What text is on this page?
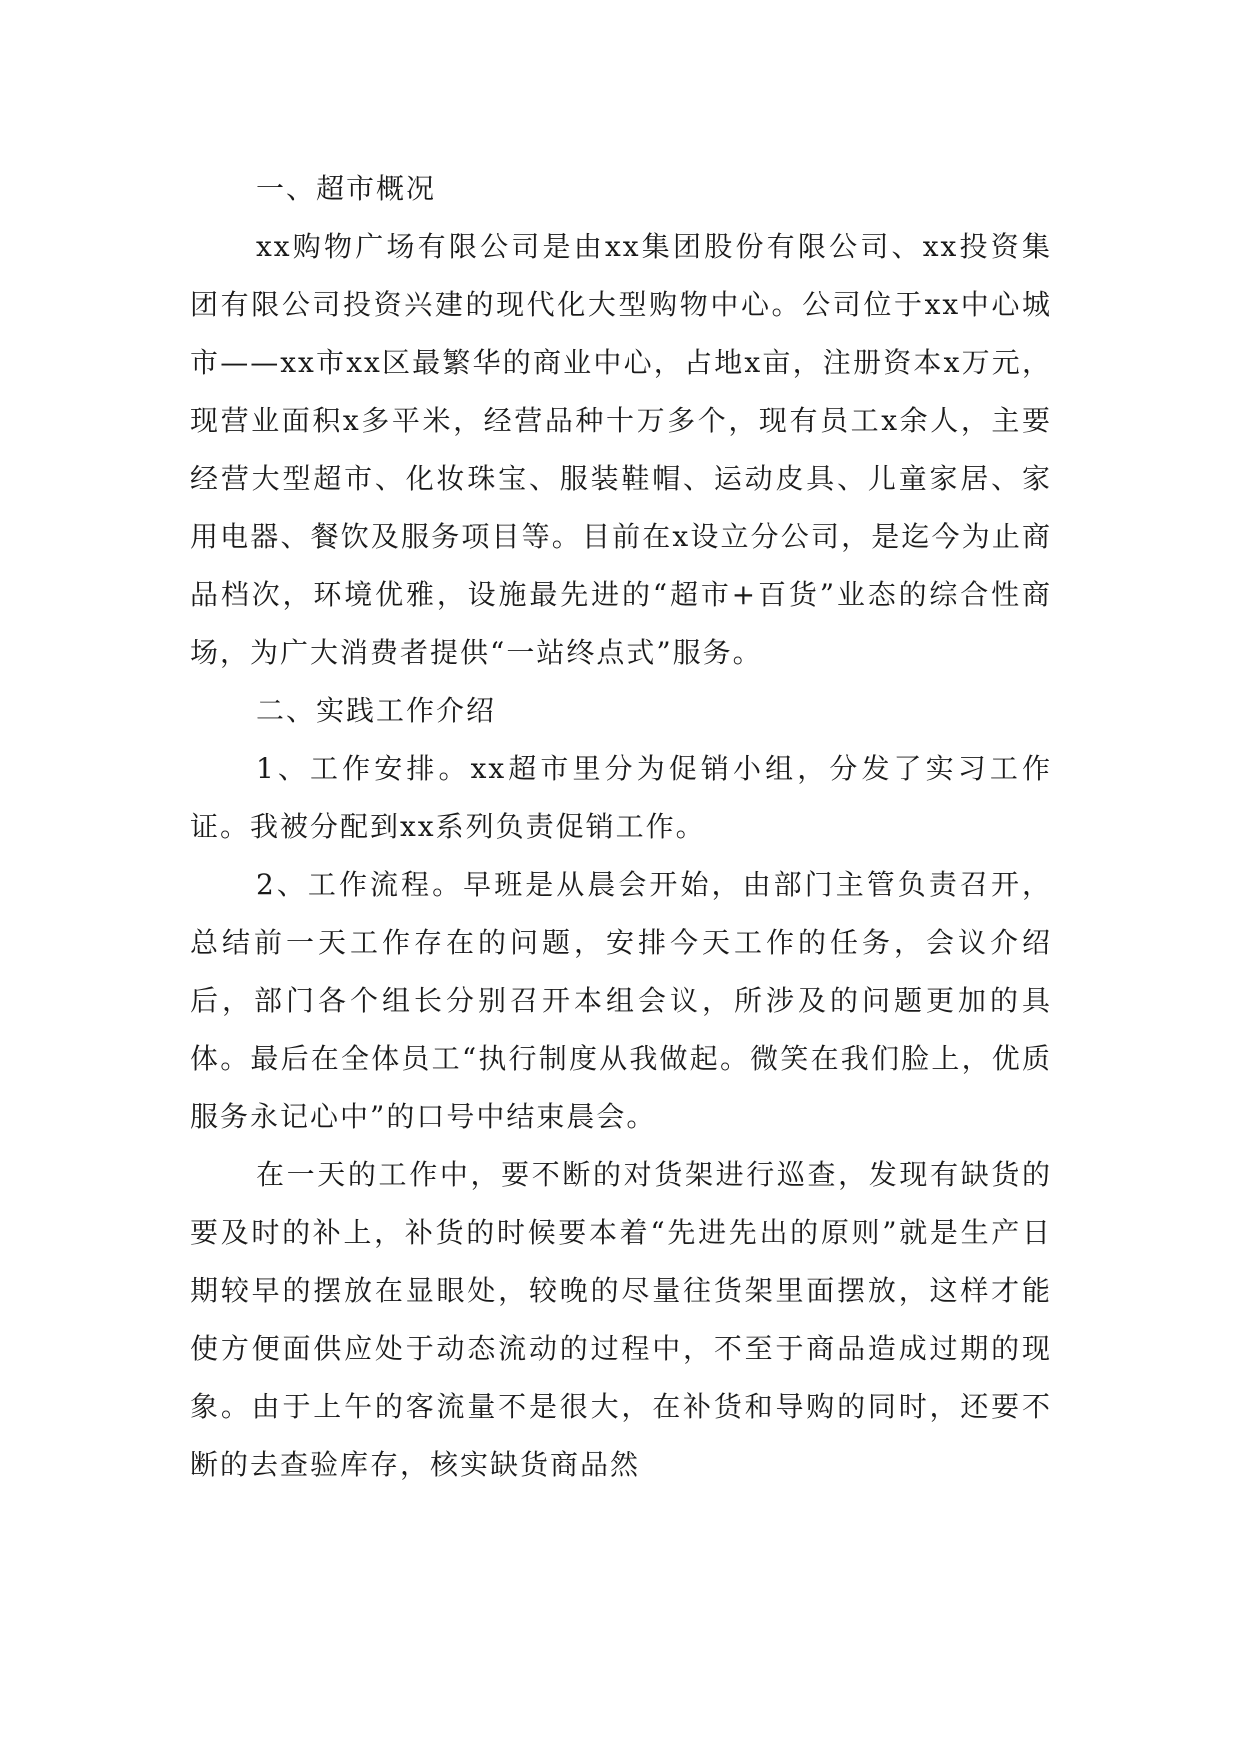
一、超市概况

xx购物广场有限公司是由xx集团股份有限公司、xx投资集团有限公司投资兴建的现代化大型购物中心。公司位于xx中心城市——xx市xx区最繁华的商业中心，占地x亩，注册资本x万元，现营业面积x多平米，经营品种十万多个，现有员工x余人，主要经营大型超市、化妆珠宝、服装鞋帽、运动皮具、儿童家居、家用电器、餐饮及服务项目等。目前在x设立分公司，是迄今为止商品档次，环境优雅，设施最先进的“超市+百货”业态的综合性商场，为广大消费者提供“一站终点式”服务。

二、实践工作介绍

1、工作安排。xx超市里分为促销小组，分发了实习工作证。我被分配到xx系列负责促销工作。

2、工作流程。早班是从晨会开始，由部门主管负责召开，总结前一天工作存在的问题，安排今天工作的任务，会议介绍后，部门各个组长分别召开本组会议，所涉及的问题更加的具体。最后在全体员工“执行制度从我做起。微笑在我们脸上，优质服务永记心中”的口号中结束晨会。

在一天的工作中，要不断的对货架进行巡查，发现有缺货的要及时的补上，补货的时候要本着“先进先出的原则”就是生产日期较早的摆放在显眼处，较晚的尽量往货架里面摆放，这样才能使方便面供应处于动态流动的过程中，不至于商品造成过期的现象。由于上午的客流量不是很大，在补货和导购的同时，还要不断的去查验库存，核实缺货商品然
